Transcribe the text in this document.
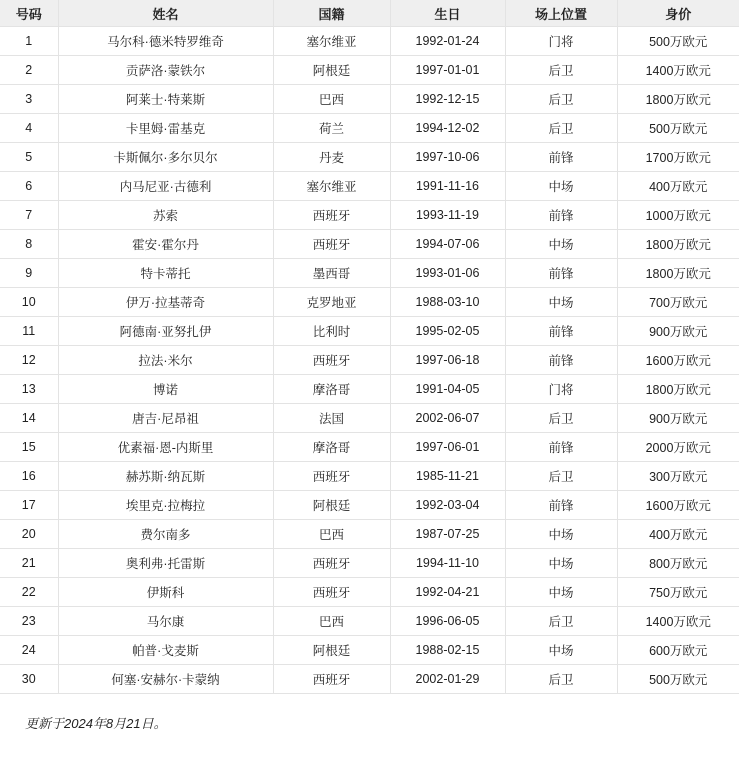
号码	姓名	国籍	生日	场上位置	身价
1	马尔科·德米特罗维奇	塞尔维亚	1992-01-24	门将	500万欧元
2	贡萨洛·蒙铁尔	阿根廷	1997-01-01	后卫	1400万欧元
3	阿莱士·特莱斯	巴西	1992-12-15	后卫	1800万欧元
4	卡里姆·雷基克	荷兰	1994-12-02	后卫	500万欧元
5	卡斯佩尔·多尔贝尔	丹麦	1997-10-06	前锋	1700万欧元
6	内马尼亚·古德利	塞尔维亚	1991-11-16	中场	400万欧元
7	苏索	西班牙	1993-11-19	前锋	1000万欧元
8	霍安·霍尔丹	西班牙	1994-07-06	中场	1800万欧元
9	特卡蒂托	墨西哥	1993-01-06	前锋	1800万欧元
10	伊万·拉基蒂奇	克罗地亚	1988-03-10	中场	700万欧元
11	阿德南·亚努扎伊	比利时	1995-02-05	前锋	900万欧元
12	拉法·米尔	西班牙	1997-06-18	前锋	1600万欧元
13	博诺	摩洛哥	1991-04-05	门将	1800万欧元
14	唐吉·尼昂祖	法国	2002-06-07	后卫	900万欧元
15	优素福·恩-内斯里	摩洛哥	1997-06-01	前锋	2000万欧元
16	赫苏斯·纳瓦斯	西班牙	1985-11-21	后卫	300万欧元
17	埃里克·拉梅拉	阿根廷	1992-03-04	前锋	1600万欧元
20	费尔南多	巴西	1987-07-25	中场	400万欧元
21	奥利弗·托雷斯	西班牙	1994-11-10	中场	800万欧元
22	伊斯科	西班牙	1992-04-21	中场	750万欧元
23	马尔康	巴西	1996-06-05	后卫	1400万欧元
24	帕普·戈麦斯	阿根廷	1988-02-15	中场	600万欧元
30	何塞·安赫尔·卡蒙纳	西班牙	2002-01-29	后卫	500万欧元

更新于2024年8月21日。
